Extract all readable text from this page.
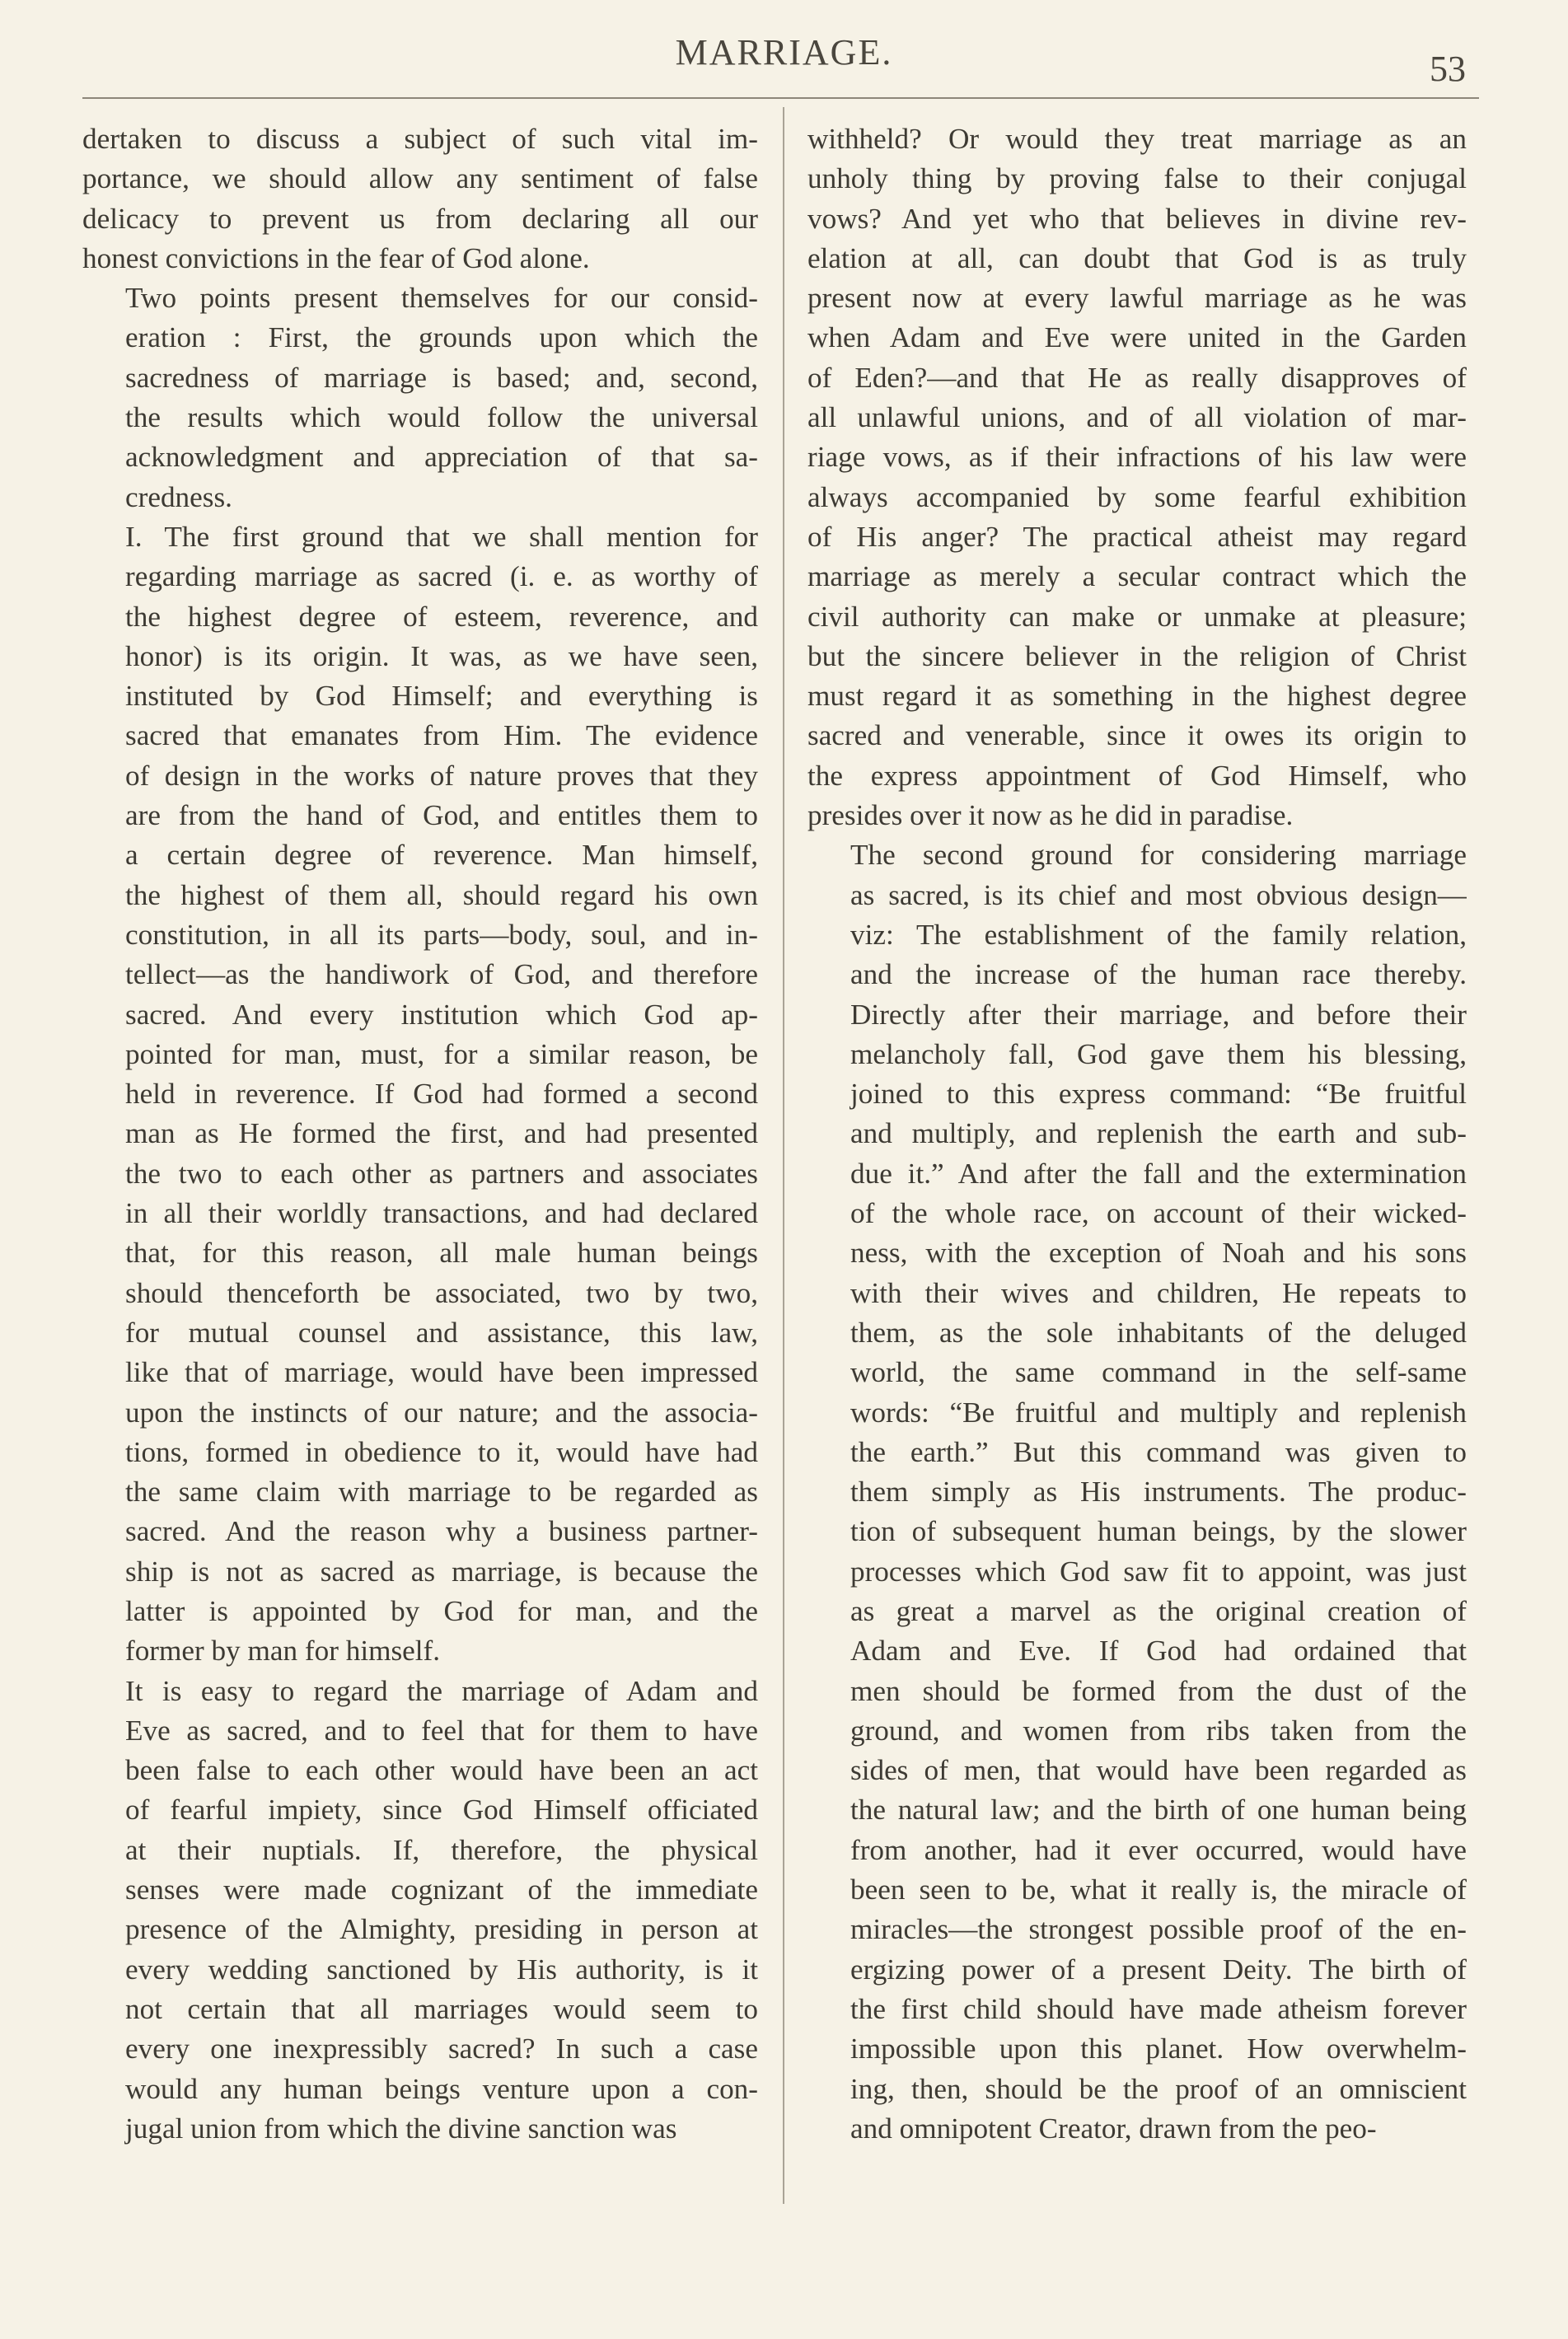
MARRIAGE.	53

dertaken to discuss a subject of such vital im-
portance, we should allow any sentiment of false
delicacy to prevent us from declaring all our
honest convictions in the fear of God alone.

Two points present themselves for our consid-
eration : First, the grounds upon which the
sacredness of marriage is based; and, second,
the results which would follow the universal
acknowledgment and appreciation of that sa-
credness.

I. The first ground that we shall mention for
regarding marriage as sacred (i. e. as worthy of
the highest degree of esteem, reverence, and
honor) is its origin. It was, as we have seen,
instituted by God Himself; and everything is
sacred that emanates from Him. The evidence
of design in the works of nature proves that they
are from the hand of God, and entitles them to
a certain degree of reverence. Man himself,
the highest of them all, should regard his own
constitution, in all its parts—body, soul, and in-
tellect—as the handiwork of God, and therefore
sacred. And every institution which God ap-
pointed for man, must, for a similar reason, be
held in reverence. If God had formed a second
man as He formed the first, and had presented
the two to each other as partners and associates
in all their worldly transactions, and had declared
that, for this reason, all male human beings
should thenceforth be associated, two by two,
for mutual counsel and assistance, this law,
like that of marriage, would have been impressed
upon the instincts of our nature; and the associa-
tions, formed in obedience to it, would have had
the same claim with marriage to be regarded as
sacred. And the reason why a business partner-
ship is not as sacred as marriage, is because the
latter is appointed by God for man, and the
former by man for himself.

It is easy to regard the marriage of Adam and
Eve as sacred, and to feel that for them to have
been false to each other would have been an act
of fearful impiety, since God Himself officiated
at their nuptials. If, therefore, the physical
senses were made cognizant of the immediate
presence of the Almighty, presiding in person at
every wedding sanctioned by His authority, is it
not certain that all marriages would seem to
every one inexpressibly sacred? In such a case
would any human beings venture upon a con-
jugal union from which the divine sanction was

withheld? Or would they treat marriage as an
unholy thing by proving false to their conjugal
vows? And yet who that believes in divine rev-
elation at all, can doubt that God is as truly
present now at every lawful marriage as he was
when Adam and Eve were united in the Garden
of Eden?—and that He as really disapproves of
all unlawful unions, and of all violation of mar-
riage vows, as if their infractions of his law were
always accompanied by some fearful exhibition
of His anger? The practical atheist may regard
marriage as merely a secular contract which the
civil authority can make or unmake at pleasure;
but the sincere believer in the religion of Christ
must regard it as something in the highest degree
sacred and venerable, since it owes its origin to
the express appointment of God Himself, who
presides over it now as he did in paradise.

The second ground for considering marriage
as sacred, is its chief and most obvious design—
viz: The establishment of the family relation,
and the increase of the human race thereby.
Directly after their marriage, and before their
melancholy fall, God gave them his blessing,
joined to this express command: “Be fruitful
and multiply, and replenish the earth and sub-
due it.” And after the fall and the extermination
of the whole race, on account of their wicked-
ness, with the exception of Noah and his sons
with their wives and children, He repeats to
them, as the sole inhabitants of the deluged
world, the same command in the self-same
words: “Be fruitful and multiply and replenish
the earth.” But this command was given to
them simply as His instruments. The produc-
tion of subsequent human beings, by the slower
processes which God saw fit to appoint, was just
as great a marvel as the original creation of
Adam and Eve. If God had ordained that
men should be formed from the dust of the
ground, and women from ribs taken from the
sides of men, that would have been regarded as
the natural law; and the birth of one human being
from another, had it ever occurred, would have
been seen to be, what it really is, the miracle of
miracles—the strongest possible proof of the en-
ergizing power of a present Deity. The birth of
the first child should have made atheism forever
impossible upon this planet. How overwhelm-
ing, then, should be the proof of an omniscient
and omnipotent Creator, drawn from the peo-
